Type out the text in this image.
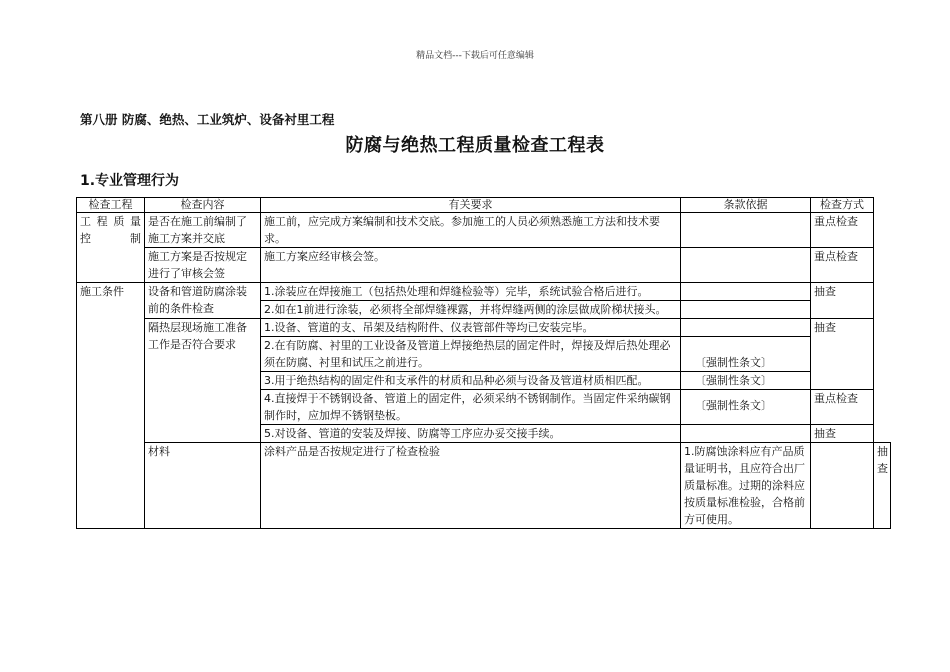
精品文档---下载后可任意编辑
第八册 防腐、绝热、工业筑炉、设备衬里工程
防腐与绝热工程质量检查工程表
1.专业管理行为
检查工程	检查内容	有关要求	条款依据	检查方式	
工 程 质 量 控制	是否在施工前编制了施工方案并交底	施工前，应完成方案编制和技术交底。参加施工的人员必须熟悉施工方法和技术要求。		重点检查	
	施工方案是否按规定进行了审核会签	施工方案应经审核会签。		重点检查	
施工条件	设备和管道防腐涂装前的条件检查	1.涂装应在焊接施工（包括热处理和焊缝检验等）完毕，系统试验合格后进行。		抽查	
		2.如在1前进行涂装，必须将全部焊缝裸露，并将焊缝两侧的涂层做成阶梯状接头。			
	隔热层现场施工准备工作是否符合要求	1.设备、管道的支、吊架及结构附件、仪表管部件等均已安装完毕。		抽查	
		2.在有防腐、衬里的工业设备及管道上焊接绝热层的固定件时，焊接及焊后热处理必须在防腐、衬里和试压之前进行。	〔强制性条文〕		
		3.用于绝热结构的固定件和支承件的材质和品种必须与设备及管道材质相匹配。	〔强制性条文〕		
		4.直接焊于不锈钢设备、管道上的固定件，必须采纳不锈钢制作。当固定件采纳碳钢制作时，应加焊不锈钢垫板。	〔强制性条文〕	重点检查	
		5.对设备、管道的安装及焊接、防腐等工序应办妥交接手续。		抽查	
	材料	涂料产品是否按规定进行了检查检验	1.防腐蚀涂料应有产品质量证明书，且应符合出厂质量标准。过期的涂料应按质量标准检验，合格前方可使用。		抽查
